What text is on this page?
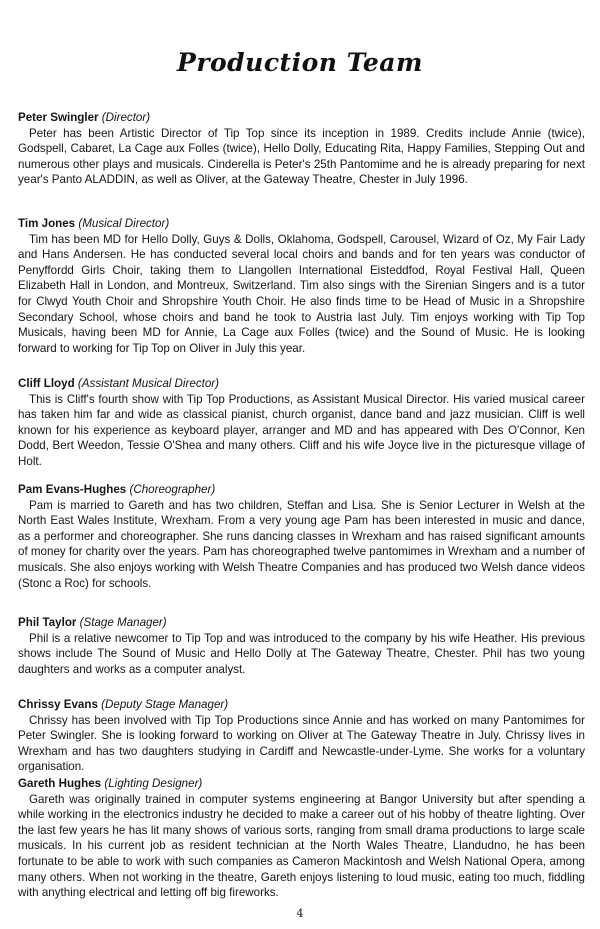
Production Team

Peter Swingler (Director)

Peter has been Artistic Director of Tip Top since its inception in 1989. Credits include Annie (twice), Godspell, Cabaret, La Cage aux Folles (twice), Hello Dolly, Educating Rita, Happy Families, Stepping Out and numerous other plays and musicals. Cinderella is Peter's 25th Pantomime and he is already preparing for next year's Panto ALADDIN, as well as Oliver, at the Gateway Theatre, Chester in July 1996.

Tim Jones (Musical Director)

Tim has been MD for Hello Dolly, Guys & Dolls, Oklahoma, Godspell, Carousel, Wizard of Oz, My Fair Lady and Hans Andersen. He has conducted several local choirs and bands and for ten years was conductor of Penyffordd Girls Choir, taking them to Llangollen International Eisteddfod, Royal Festival Hall, Queen Elizabeth Hall in London, and Montreux, Switzerland. Tim also sings with the Sirenian Singers and is a tutor for Clwyd Youth Choir and Shropshire Youth Choir. He also finds time to be Head of Music in a Shropshire Secondary School, whose choirs and band he took to Austria last July. Tim enjoys working with Tip Top Musicals, having been MD for Annie, La Cage aux Folles (twice) and the Sound of Music. He is looking forward to working for Tip Top on Oliver in July this year.

Cliff Lloyd (Assistant Musical Director)

This is Cliff's fourth show with Tip Top Productions, as Assistant Musical Director. His varied musical career has taken him far and wide as classical pianist, church organist, dance band and jazz musician. Cliff is well known for his experience as keyboard player, arranger and MD and has appeared with Des O'Connor, Ken Dodd, Bert Weedon, Tessie O'Shea and many others. Cliff and his wife Joyce live in the picturesque village of Holt.

Pam Evans-Hughes (Choreographer)

Pam is married to Gareth and has two children, Steffan and Lisa. She is Senior Lecturer in Welsh at the North East Wales Institute, Wrexham. From a very young age Pam has been interested in music and dance, as a performer and choreographer. She runs dancing classes in Wrexham and has raised significant amounts of money for charity over the years. Pam has choreographed twelve pantomimes in Wrexham and a number of musicals. She also enjoys working with Welsh Theatre Companies and has produced two Welsh dance videos (Stonc a Roc) for schools.

Phil Taylor (Stage Manager)

Phil is a relative newcomer to Tip Top and was introduced to the company by his wife Heather. His previous shows include The Sound of Music and Hello Dolly at The Gateway Theatre, Chester. Phil has two young daughters and works as a computer analyst.

Chrissy Evans (Deputy Stage Manager)

Chrissy has been involved with Tip Top Productions since Annie and has worked on many Pantomimes for Peter Swingler. She is looking forward to working on Oliver at The Gateway Theatre in July. Chrissy lives in Wrexham and has two daughters studying in Cardiff and Newcastle-under-Lyme. She works for a voluntary organisation.

Gareth Hughes (Lighting Designer)

Gareth was originally trained in computer systems engineering at Bangor University but after spending a while working in the electronics industry he decided to make a career out of his hobby of theatre lighting. Over the last few years he has lit many shows of various sorts, ranging from small drama productions to large scale musicals. In his current job as resident technician at the North Wales Theatre, Llandudno, he has been fortunate to be able to work with such companies as Cameron Mackintosh and Welsh National Opera, among many others. When not working in the theatre, Gareth enjoys listening to loud music, eating too much, fiddling with anything electrical and letting off big fireworks.

4
